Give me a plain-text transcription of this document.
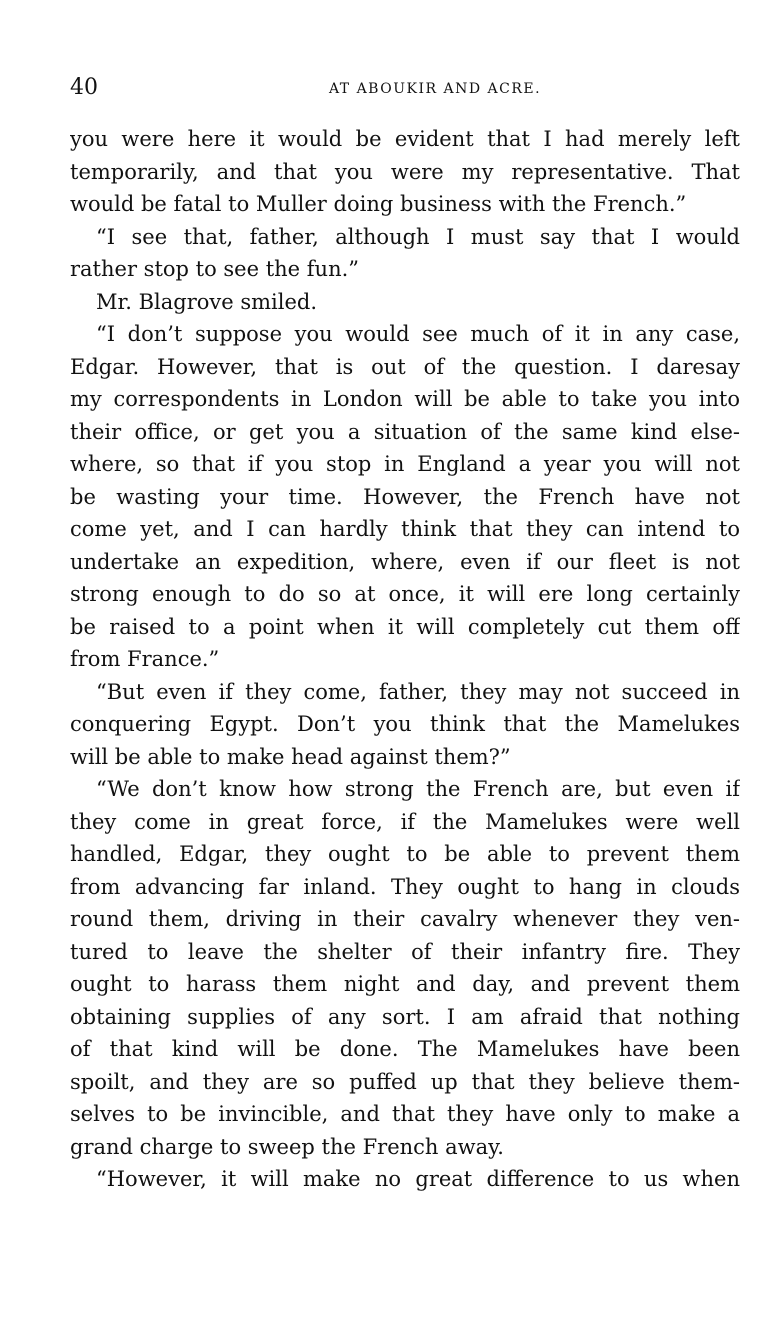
40	AT ABOUKIR AND ACRE.
you were here it would be evident that I had merely left
temporarily, and that you were my representative. That
would be fatal to Muller doing business with the French.”
“I see that, father, although I must say that I would
rather stop to see the fun.”
Mr. Blagrove smiled.
“I don’t suppose you would see much of it in any case,
Edgar. However, that is out of the question. I daresay
my correspondents in London will be able to take you into
their office, or get you a situation of the same kind else-
where, so that if you stop in England a year you will not
be wasting your time. However, the French have not
come yet, and I can hardly think that they can intend to
undertake an expedition, where, even if our fleet is not
strong enough to do so at once, it will ere long certainly
be raised to a point when it will completely cut them off
from France.”
“But even if they come, father, they may not succeed in
conquering Egypt. Don’t you think that the Mamelukes
will be able to make head against them?”
“We don’t know how strong the French are, but even if
they come in great force, if the Mamelukes were well
handled, Edgar, they ought to be able to prevent them
from advancing far inland. They ought to hang in clouds
round them, driving in their cavalry whenever they ven-
tured to leave the shelter of their infantry fire. They
ought to harass them night and day, and prevent them
obtaining supplies of any sort. I am afraid that nothing
of that kind will be done. The Mamelukes have been
spoilt, and they are so puffed up that they believe them-
selves to be invincible, and that they have only to make a
grand charge to sweep the French away.
“However, it will make no great difference to us when
